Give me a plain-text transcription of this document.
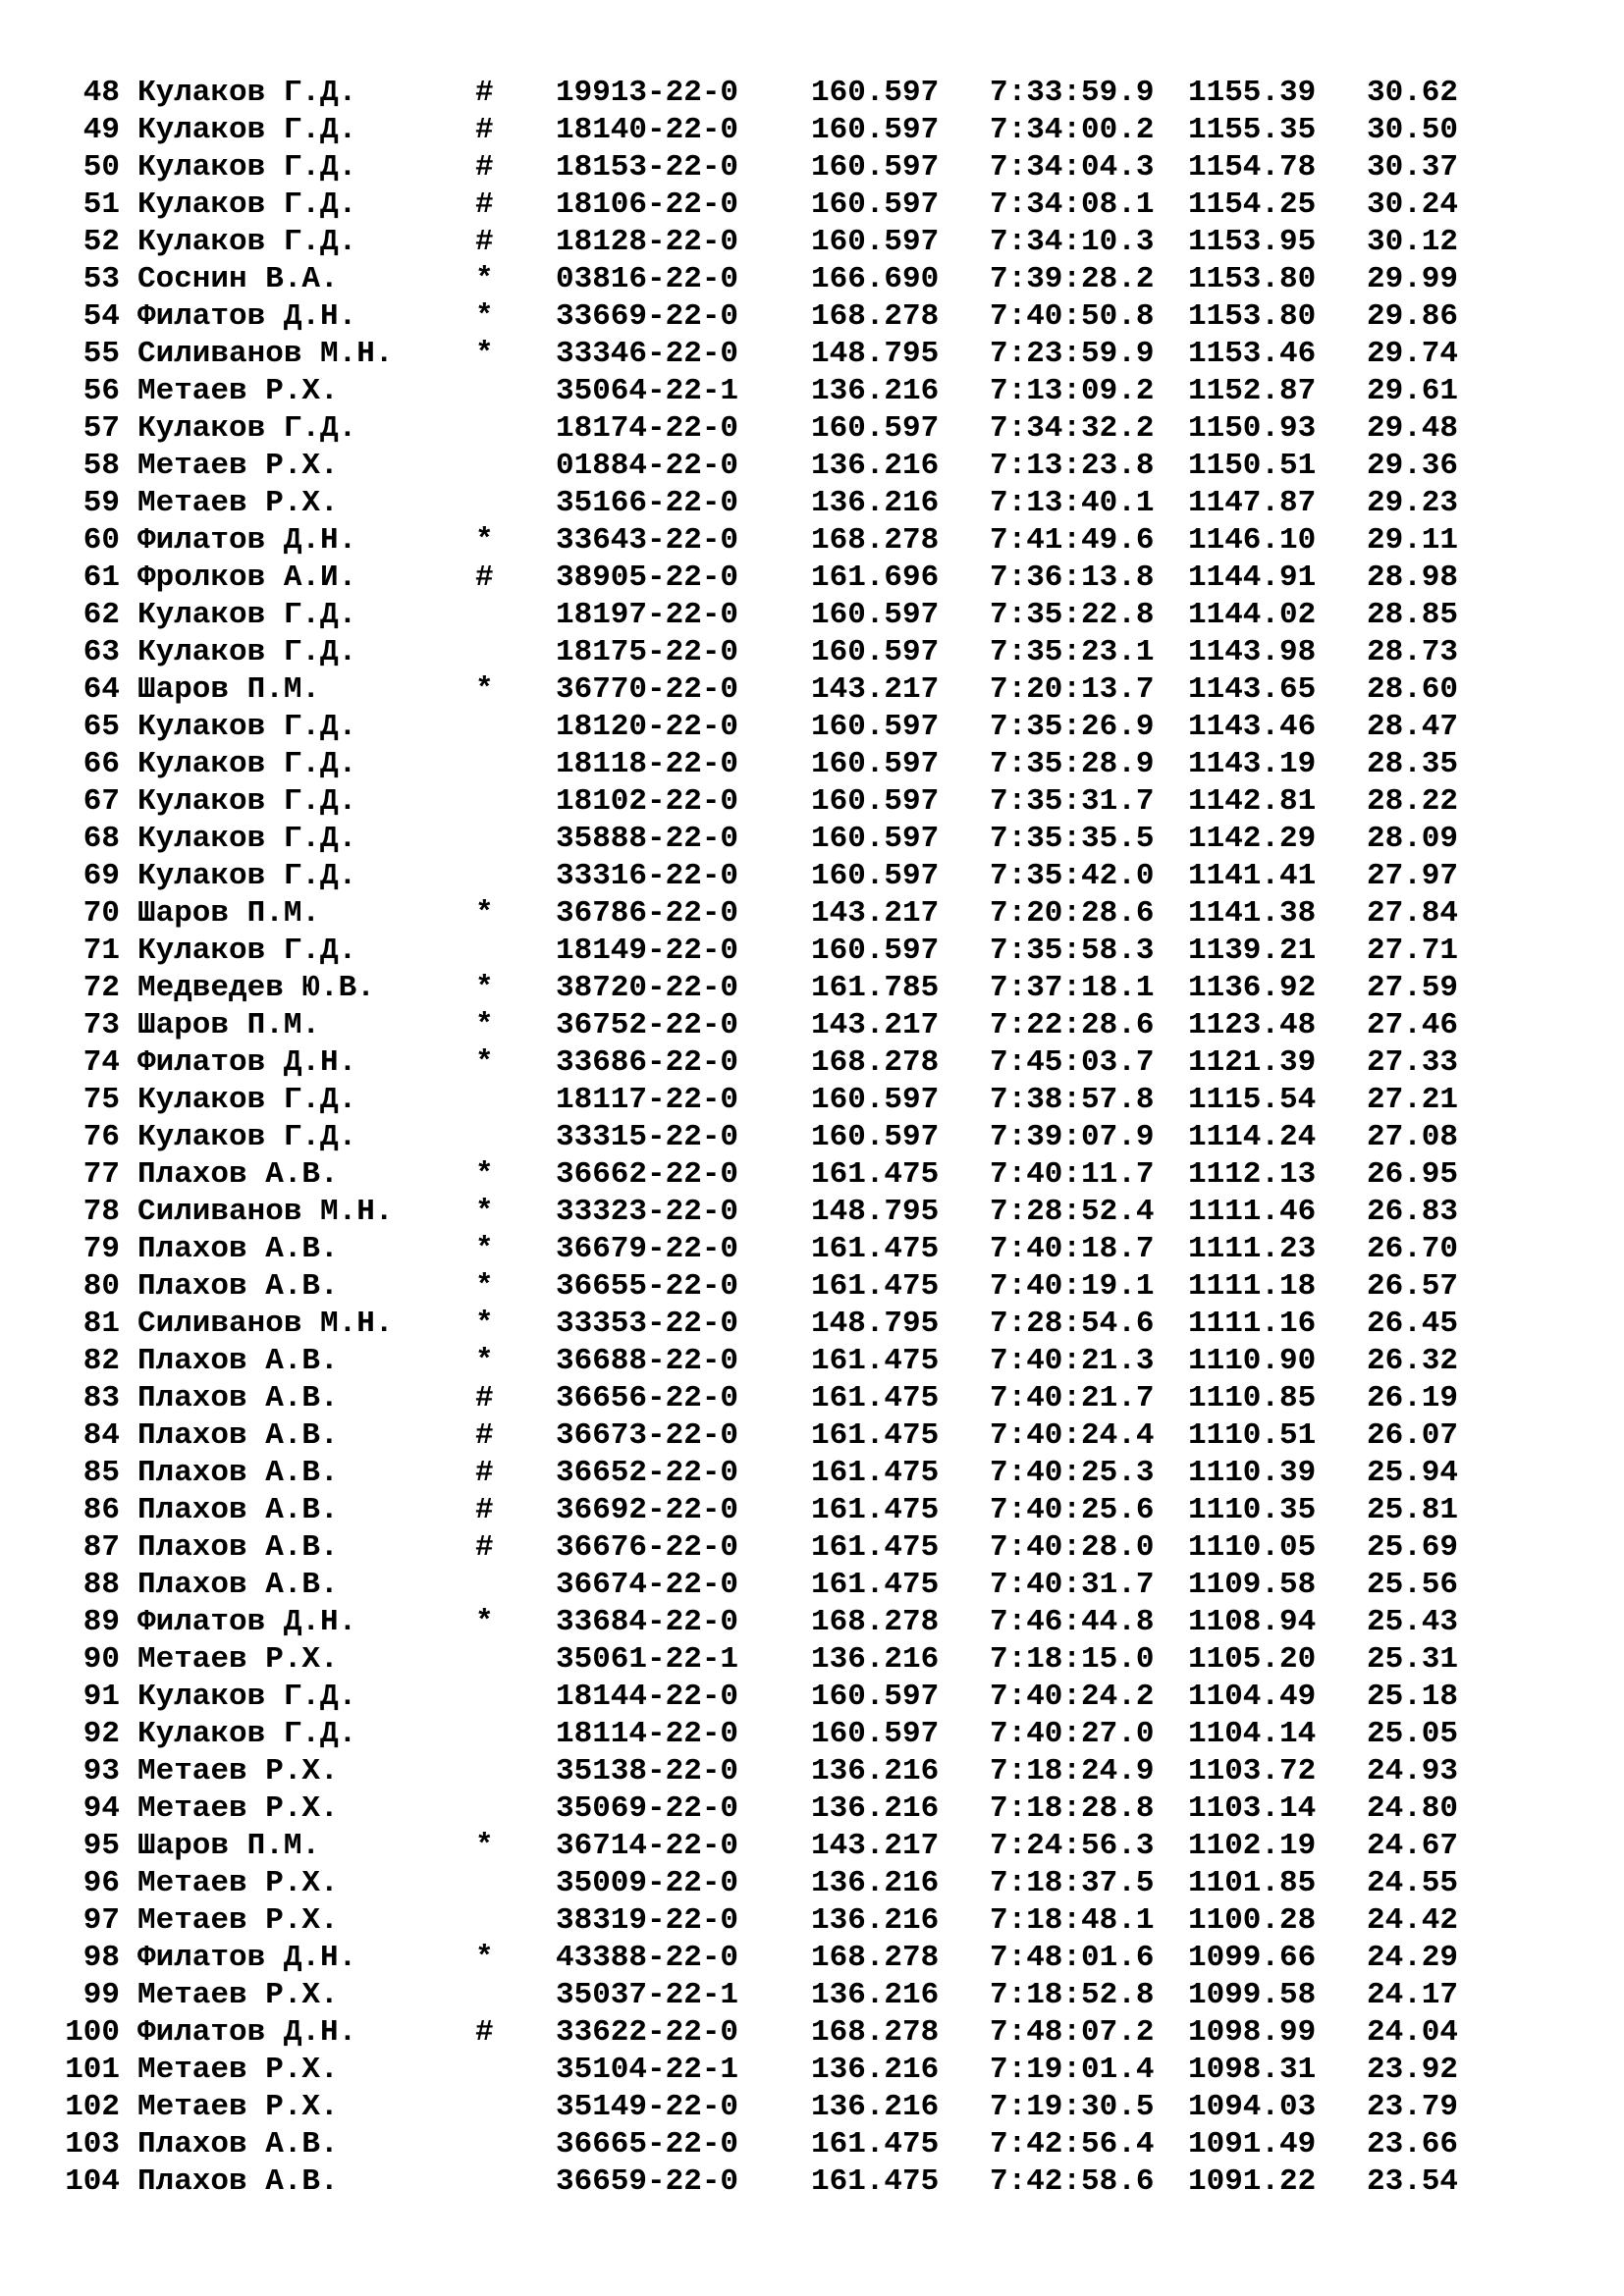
48 Кулаков Г.Д.	# 19913-22-0 160.597 7:33:59.9 1155.39 30.62
49 Кулаков Г.Д.	# 18140-22-0 160.597 7:34:00.2 1155.35 30.50
50 Кулаков Г.Д.	# 18153-22-0 160.597 7:34:04.3 1154.78 30.37
51 Кулаков Г.Д.	# 18106-22-0 160.597 7:34:08.1 1154.25 30.24
52 Кулаков Г.Д.	# 18128-22-0 160.597 7:34:10.3 1153.95 30.12
53 Соснин В.А.	* 03816-22-0 166.690 7:39:28.2 1153.80 29.99
54 Филатов Д.Н.	* 33669-22-0 168.278 7:40:50.8 1153.80 29.86
55 Силиванов М.Н.	* 33346-22-0 148.795 7:23:59.9 1153.46 29.74
56 Метаев Р.Х.	35064-22-1 136.216 7:13:09.2 1152.87 29.61
57 Кулаков Г.Д.	18174-22-0 160.597 7:34:32.2 1150.93 29.48
58 Метаев Р.Х.	01884-22-0 136.216 7:13:23.8 1150.51 29.36
59 Метаев Р.Х.	35166-22-0 136.216 7:13:40.1 1147.87 29.23
60 Филатов Д.Н.	* 33643-22-0 168.278 7:41:49.6 1146.10 29.11
61 Фролков А.И.	# 38905-22-0 161.696 7:36:13.8 1144.91 28.98
62 Кулаков Г.Д.	18197-22-0 160.597 7:35:22.8 1144.02 28.85
63 Кулаков Г.Д.	18175-22-0 160.597 7:35:23.1 1143.98 28.73
64 Шаров П.М.	* 36770-22-0 143.217 7:20:13.7 1143.65 28.60
65 Кулаков Г.Д.	18120-22-0 160.597 7:35:26.9 1143.46 28.47
66 Кулаков Г.Д.	18118-22-0 160.597 7:35:28.9 1143.19 28.35
67 Кулаков Г.Д.	18102-22-0 160.597 7:35:31.7 1142.81 28.22
68 Кулаков Г.Д.	35888-22-0 160.597 7:35:35.5 1142.29 28.09
69 Кулаков Г.Д.	33316-22-0 160.597 7:35:42.0 1141.41 27.97
70 Шаров П.М.	* 36786-22-0 143.217 7:20:28.6 1141.38 27.84
71 Кулаков Г.Д.	18149-22-0 160.597 7:35:58.3 1139.21 27.71
72 Медведев Ю.В.	* 38720-22-0 161.785 7:37:18.1 1136.92 27.59
73 Шаров П.М.	* 36752-22-0 143.217 7:22:28.6 1123.48 27.46
74 Филатов Д.Н.	* 33686-22-0 168.278 7:45:03.7 1121.39 27.33
75 Кулаков Г.Д.	18117-22-0 160.597 7:38:57.8 1115.54 27.21
76 Кулаков Г.Д.	33315-22-0 160.597 7:39:07.9 1114.24 27.08
77 Плахов А.В.	* 36662-22-0 161.475 7:40:11.7 1112.13 26.95
78 Силиванов М.Н.	* 33323-22-0 148.795 7:28:52.4 1111.46 26.83
79 Плахов А.В.	* 36679-22-0 161.475 7:40:18.7 1111.23 26.70
80 Плахов А.В.	* 36655-22-0 161.475 7:40:19.1 1111.18 26.57
81 Силиванов М.Н.	* 33353-22-0 148.795 7:28:54.6 1111.16 26.45
82 Плахов А.В.	* 36688-22-0 161.475 7:40:21.3 1110.90 26.32
83 Плахов А.В.	# 36656-22-0 161.475 7:40:21.7 1110.85 26.19
84 Плахов А.В.	# 36673-22-0 161.475 7:40:24.4 1110.51 26.07
85 Плахов А.В.	# 36652-22-0 161.475 7:40:25.3 1110.39 25.94
86 Плахов А.В.	# 36692-22-0 161.475 7:40:25.6 1110.35 25.81
87 Плахов А.В.	# 36676-22-0 161.475 7:40:28.0 1110.05 25.69
88 Плахов А.В.	36674-22-0 161.475 7:40:31.7 1109.58 25.56
89 Филатов Д.Н.	* 33684-22-0 168.278 7:46:44.8 1108.94 25.43
90 Метаев Р.Х.	35061-22-1 136.216 7:18:15.0 1105.20 25.31
91 Кулаков Г.Д.	18144-22-0 160.597 7:40:24.2 1104.49 25.18
92 Кулаков Г.Д.	18114-22-0 160.597 7:40:27.0 1104.14 25.05
93 Метаев Р.Х.	35138-22-0 136.216 7:18:24.9 1103.72 24.93
94 Метаев Р.Х.	35069-22-0 136.216 7:18:28.8 1103.14 24.80
95 Шаров П.М.	* 36714-22-0 143.217 7:24:56.3 1102.19 24.67
96 Метаев Р.Х.	35009-22-0 136.216 7:18:37.5 1101.85 24.55
97 Метаев Р.Х.	38319-22-0 136.216 7:18:48.1 1100.28 24.42
98 Филатов Д.Н.	* 43388-22-0 168.278 7:48:01.6 1099.66 24.29
99 Метаев Р.Х.	35037-22-1 136.216 7:18:52.8 1099.58 24.17
100 Филатов Д.Н.	# 33622-22-0 168.278 7:48:07.2 1098.99 24.04
101 Метаев Р.Х.	35104-22-1 136.216 7:19:01.4 1098.31 23.92
102 Метаев Р.Х.	35149-22-0 136.216 7:19:30.5 1094.03 23.79
103 Плахов А.В.	36665-22-0 161.475 7:42:56.4 1091.49 23.66
104 Плахов А.В.	36659-22-0 161.475 7:42:58.6 1091.22 23.54
